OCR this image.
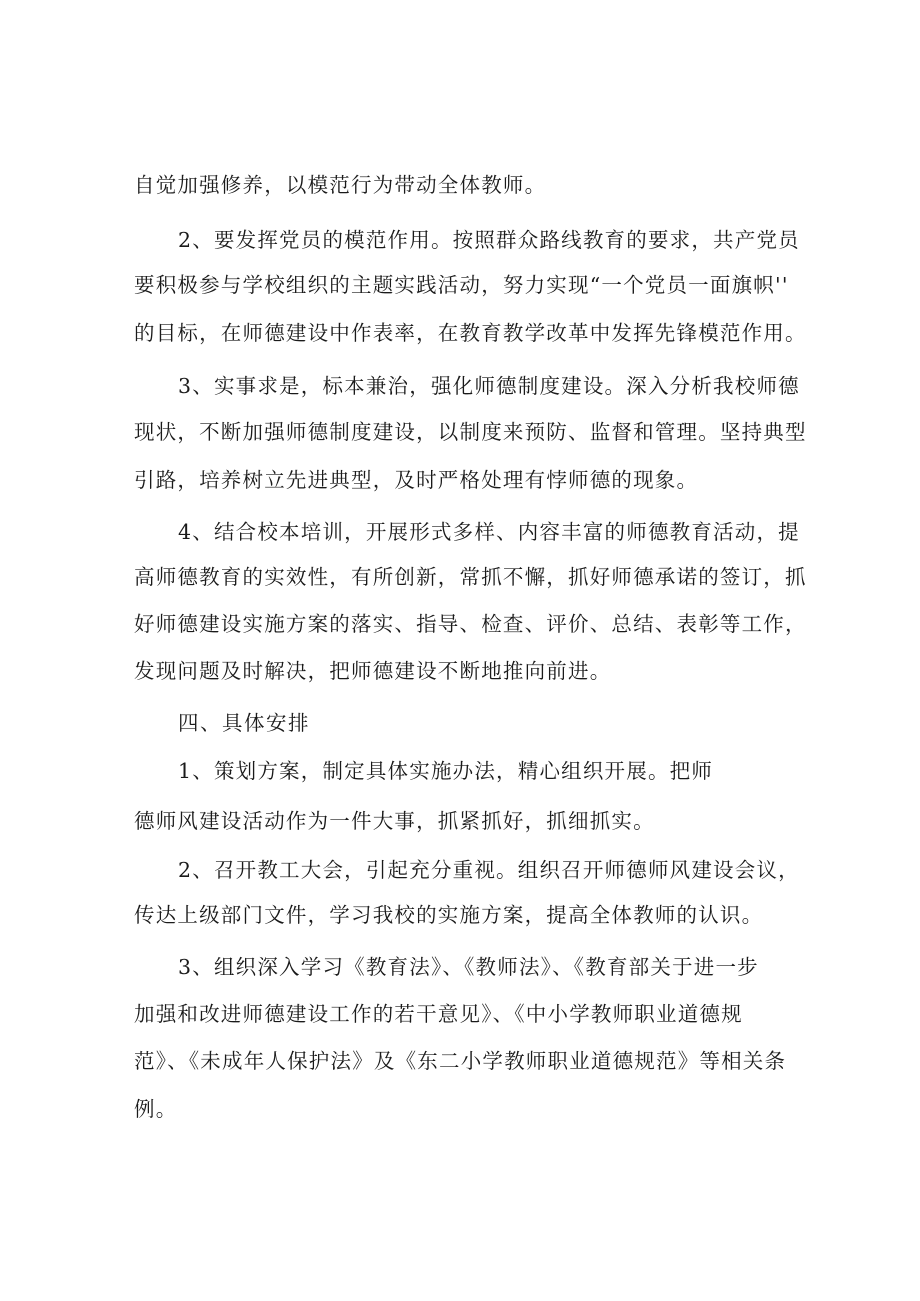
自觉加强修养，以模范行为带动全体教师。
2、要发挥党员的模范作用。按照群众路线教育的要求，共产党员
要积极参与学校组织的主题实践活动，努力实现“一个党员一面旗帜''
的目标，在师德建设中作表率，在教育教学改革中发挥先锋模范作用。
3、实事求是，标本兼治，强化师德制度建设。深入分析我校师德
现状，不断加强师德制度建设，以制度来预防、监督和管理。坚持典型
引路，培养树立先进典型，及时严格处理有悖师德的现象。
4、结合校本培训，开展形式多样、内容丰富的师德教育活动，提
高师德教育的实效性，有所创新，常抓不懈，抓好师德承诺的签订，抓
好师德建设实施方案的落实、指导、检查、评价、总结、表彰等工作，
发现问题及时解决，把师德建设不断地推向前进。
四、具体安排
1、策划方案，制定具体实施办法，精心组织开展。把师
德师风建设活动作为一件大事，抓紧抓好，抓细抓实。
2、召开教工大会，引起充分重视。组织召开师德师风建设会议，
传达上级部门文件，学习我校的实施方案，提高全体教师的认识。
3、组织深入学习《教育法》、《教师法》、《教育部关于进一步
加强和改进师德建设工作的若干意见》、《中小学教师职业道德规
范》、《未成年人保护法》及《东二小学教师职业道德规范》等相关条
例。
